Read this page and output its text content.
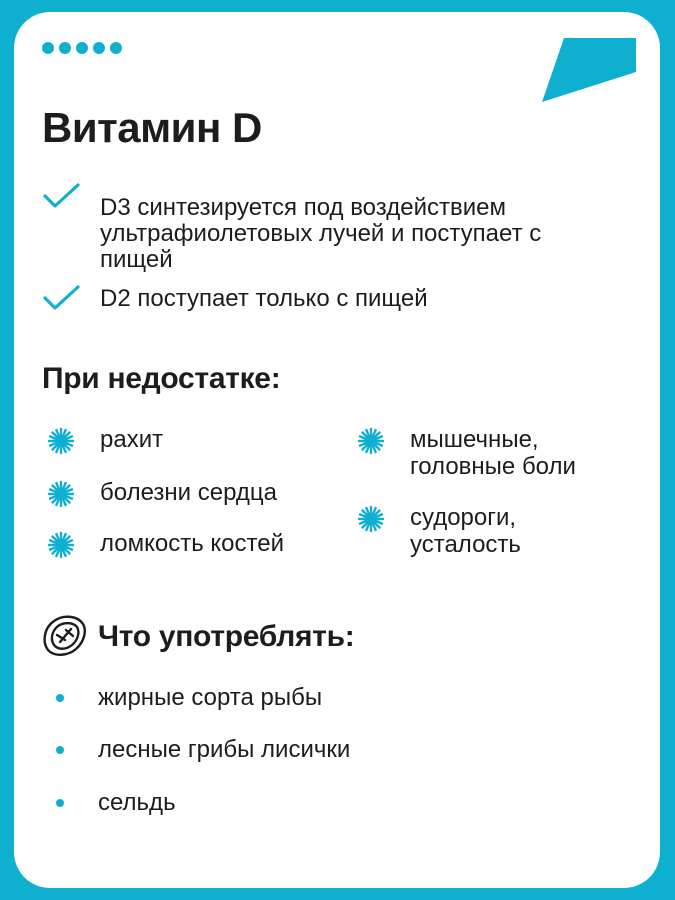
Витамин D
D3 синтезируется под воздействием ультрафиолетовых лучей и поступает с пищей
D2 поступает только с пищей
При недостатке:
рахит
болезни сердца
ломкость костей
мышечные, головные боли
судороги, усталость
Что употреблять:
жирные сорта рыбы
лесные грибы лисички
сельдь
